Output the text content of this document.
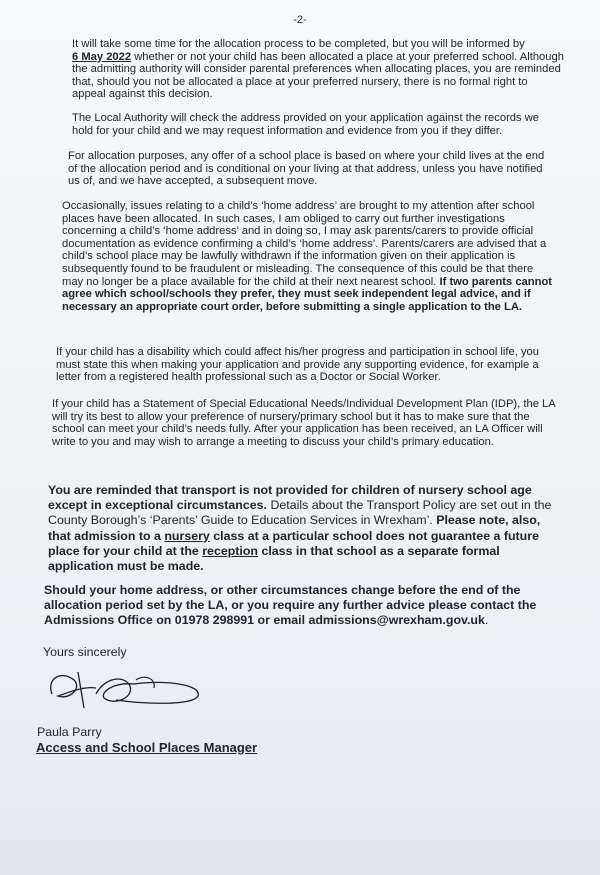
-2-

It will take some time for the allocation process to be completed, but you will be informed by
6 May 2022 whether or not your child has been allocated a place at your preferred school. Although the admitting authority will consider parental preferences when allocating places, you are reminded that, should you not be allocated a place at your preferred nursery, there is no formal right to appeal against this decision.

The Local Authority will check the address provided on your application against the records we hold for your child and we may request information and evidence from you if they differ.

For allocation purposes, any offer of a school place is based on where your child lives at the end of the allocation period and is conditional on your living at that address, unless you have notified us of, and we have accepted, a subsequent move.

Occasionally, issues relating to a child’s ‘home address’ are brought to my attention after school places have been allocated. In such cases, I am obliged to carry out further investigations concerning a child’s ‘home address’ and in doing so, I may ask parents/carers to provide official documentation as evidence confirming a child’s ‘home address’. Parents/carers are advised that a child’s school place may be lawfully withdrawn if the information given on their application is subsequently found to be fraudulent or misleading. The consequence of this could be that there may no longer be a place available for the child at their next nearest school. If two parents cannot agree which school/schools they prefer, they must seek independent legal advice, and if necessary an appropriate court order, before submitting a single application to the LA.

If your child has a disability which could affect his/her progress and participation in school life, you must state this when making your application and provide any supporting evidence, for example a letter from a registered health professional such as a Doctor or Social Worker.

If your child has a Statement of Special Educational Needs/Individual Development Plan (IDP), the LA will try its best to allow your preference of nursery/primary school but it has to make sure that the school can meet your child’s needs fully. After your application has been received, an LA Officer will write to you and may wish to arrange a meeting to discuss your child’s primary education.

You are reminded that transport is not provided for children of nursery school age except in exceptional circumstances. Details about the Transport Policy are set out in the County Borough’s ‘Parents’ Guide to Education Services in Wrexham’. Please note, also, that admission to a nursery class at a particular school does not guarantee a future place for your child at the reception class in that school as a separate formal application must be made.

Should your home address, or other circumstances change before the end of the allocation period set by the LA, or you require any further advice please contact the Admissions Office on 01978 298991 or email admissions@wrexham.gov.uk.

Yours sincerely
Paula Parry
Access and School Places Manager
